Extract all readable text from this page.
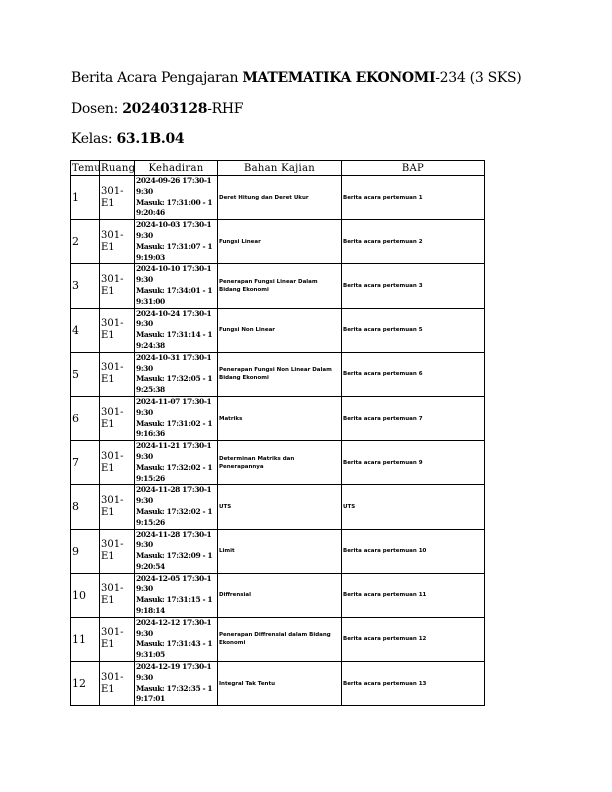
Berita Acara Pengajaran MATEMATIKA EKONOMI-234 (3 SKS)
Dosen: 202403128-RHF
Kelas: 63.1B.04
Temu	Ruang	Kehadiran	Bahan Kajian	BAP
1	301-E1	2024-09-26 17:30-19:30
Masuk: 17:31:00 - 19:20:46	Deret Hitung dan Deret Ukur	Berita acara pertemuan 1
2	301-E1	2024-10-03 17:30-19:30
Masuk: 17:31:07 - 19:19:03	Fungsi Linear	Berita acara pertemuan 2
3	301-E1	2024-10-10 17:30-19:30
Masuk: 17:34:01 - 19:31:00	Penerapan Fungsi Linear Dalam Bidang Ekonomi	Berita acara pertemuan 3
4	301-E1	2024-10-24 17:30-19:30
Masuk: 17:31:14 - 19:24:38	Fungsi Non Linear	Berita acara pertemuan 5
5	301-E1	2024-10-31 17:30-19:30
Masuk: 17:32:05 - 19:25:38	Penerapan Fungsi Non Linear Dalam Bidang Ekonomi	Berita acara pertemuan 6
6	301-E1	2024-11-07 17:30-19:30
Masuk: 17:31:02 - 19:16:36	Matriks	Berita acara pertemuan 7
7	301-E1	2024-11-21 17:30-19:30
Masuk: 17:32:02 - 19:15:26	Determinan Matriks dan Penerapannya	Berita acara pertemuan 9
8	301-E1	2024-11-28 17:30-19:30
Masuk: 17:32:02 - 19:15:26	UTS	UTS
9	301-E1	2024-11-28 17:30-19:30
Masuk: 17:32:09 - 19:20:54	Limit	Berita acara pertemuan 10
10	301-E1	2024-12-05 17:30-19:30
Masuk: 17:31:15 - 19:18:14	Diffrensial	Berita acara pertemuan 11
11	301-E1	2024-12-12 17:30-19:30
Masuk: 17:31:43 - 19:31:05	Penerapan Diffrensial dalam Bidang Ekonomi	Berita acara pertemuan 12
12	301-E1	2024-12-19 17:30-19:30
Masuk: 17:32:35 - 19:17:01	Integral Tak Tentu	Berita acara pertemuan 13
